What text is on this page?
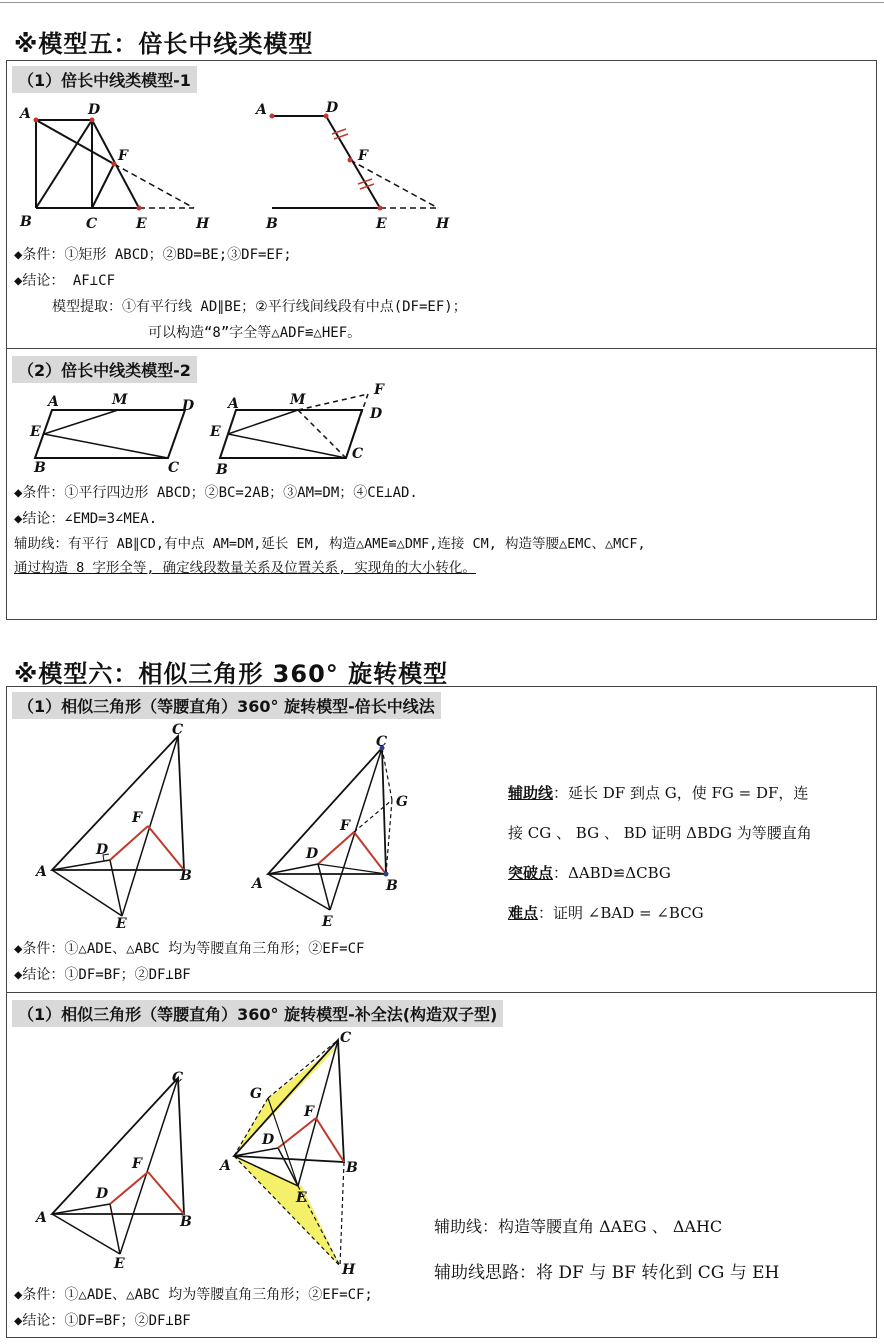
※模型五：倍长中线类模型
（1）倍长中线类模型-1
A	D
F
B	C	E	H
A	D
F
B	E	H
◆条件：①矩形 ABCD；②BD=BE;③DF=EF;
◆结论： AF⊥CF
模型提取：①有平行线 AD∥BE；②平行线间线段有中点(DF=EF)；
可以构造“8”字全等△ADF≌△HEF。
（2）倍长中线类模型-2
A	M	D
E
B	C
A	M
F
D
E
B
C
◆条件：①平行四边形 ABCD；②BC=2AB；③AM=DM；④CE⊥AD.
◆结论：∠EMD=3∠MEA.
辅助线：有平行 AB∥CD,有中点 AM=DM,延长 EM, 构造△AME≌△DMF,连接 CM, 构造等腰△EMC、△MCF,
通过构造 8 字形全等, 确定线段数量关系及位置关系, 实现角的大小转化。
※模型六：相似三角形 360° 旋转模型
（1）相似三角形（等腰直角）360° 旋转模型-倍长中线法
C
F
D
A	B
E
C
G
F
D
A	B
E
辅助线：延长 DF 到点 G，使 FG = DF，连
接 CG 、 BG 、 BD 证明 ΔBDG 为等腰直角
突破点：ΔABD≌ΔCBG
难点：证明 ∠BAD = ∠BCG
◆条件：①△ADE、△ABC 均为等腰直角三角形；②EF=CF
◆结论：①DF=BF；②DF⊥BF
（1）相似三角形（等腰直角）360° 旋转模型-补全法(构造双子型)
C
F
D
A	B
E
C
G
F
D
A	B
E
H
辅助线：构造等腰直角 ΔAEG 、 ΔAHC
辅助线思路：将 DF 与 BF 转化到 CG 与 EH
◆条件：①△ADE、△ABC 均为等腰直角三角形；②EF=CF;
◆结论：①DF=BF；②DF⊥BF
